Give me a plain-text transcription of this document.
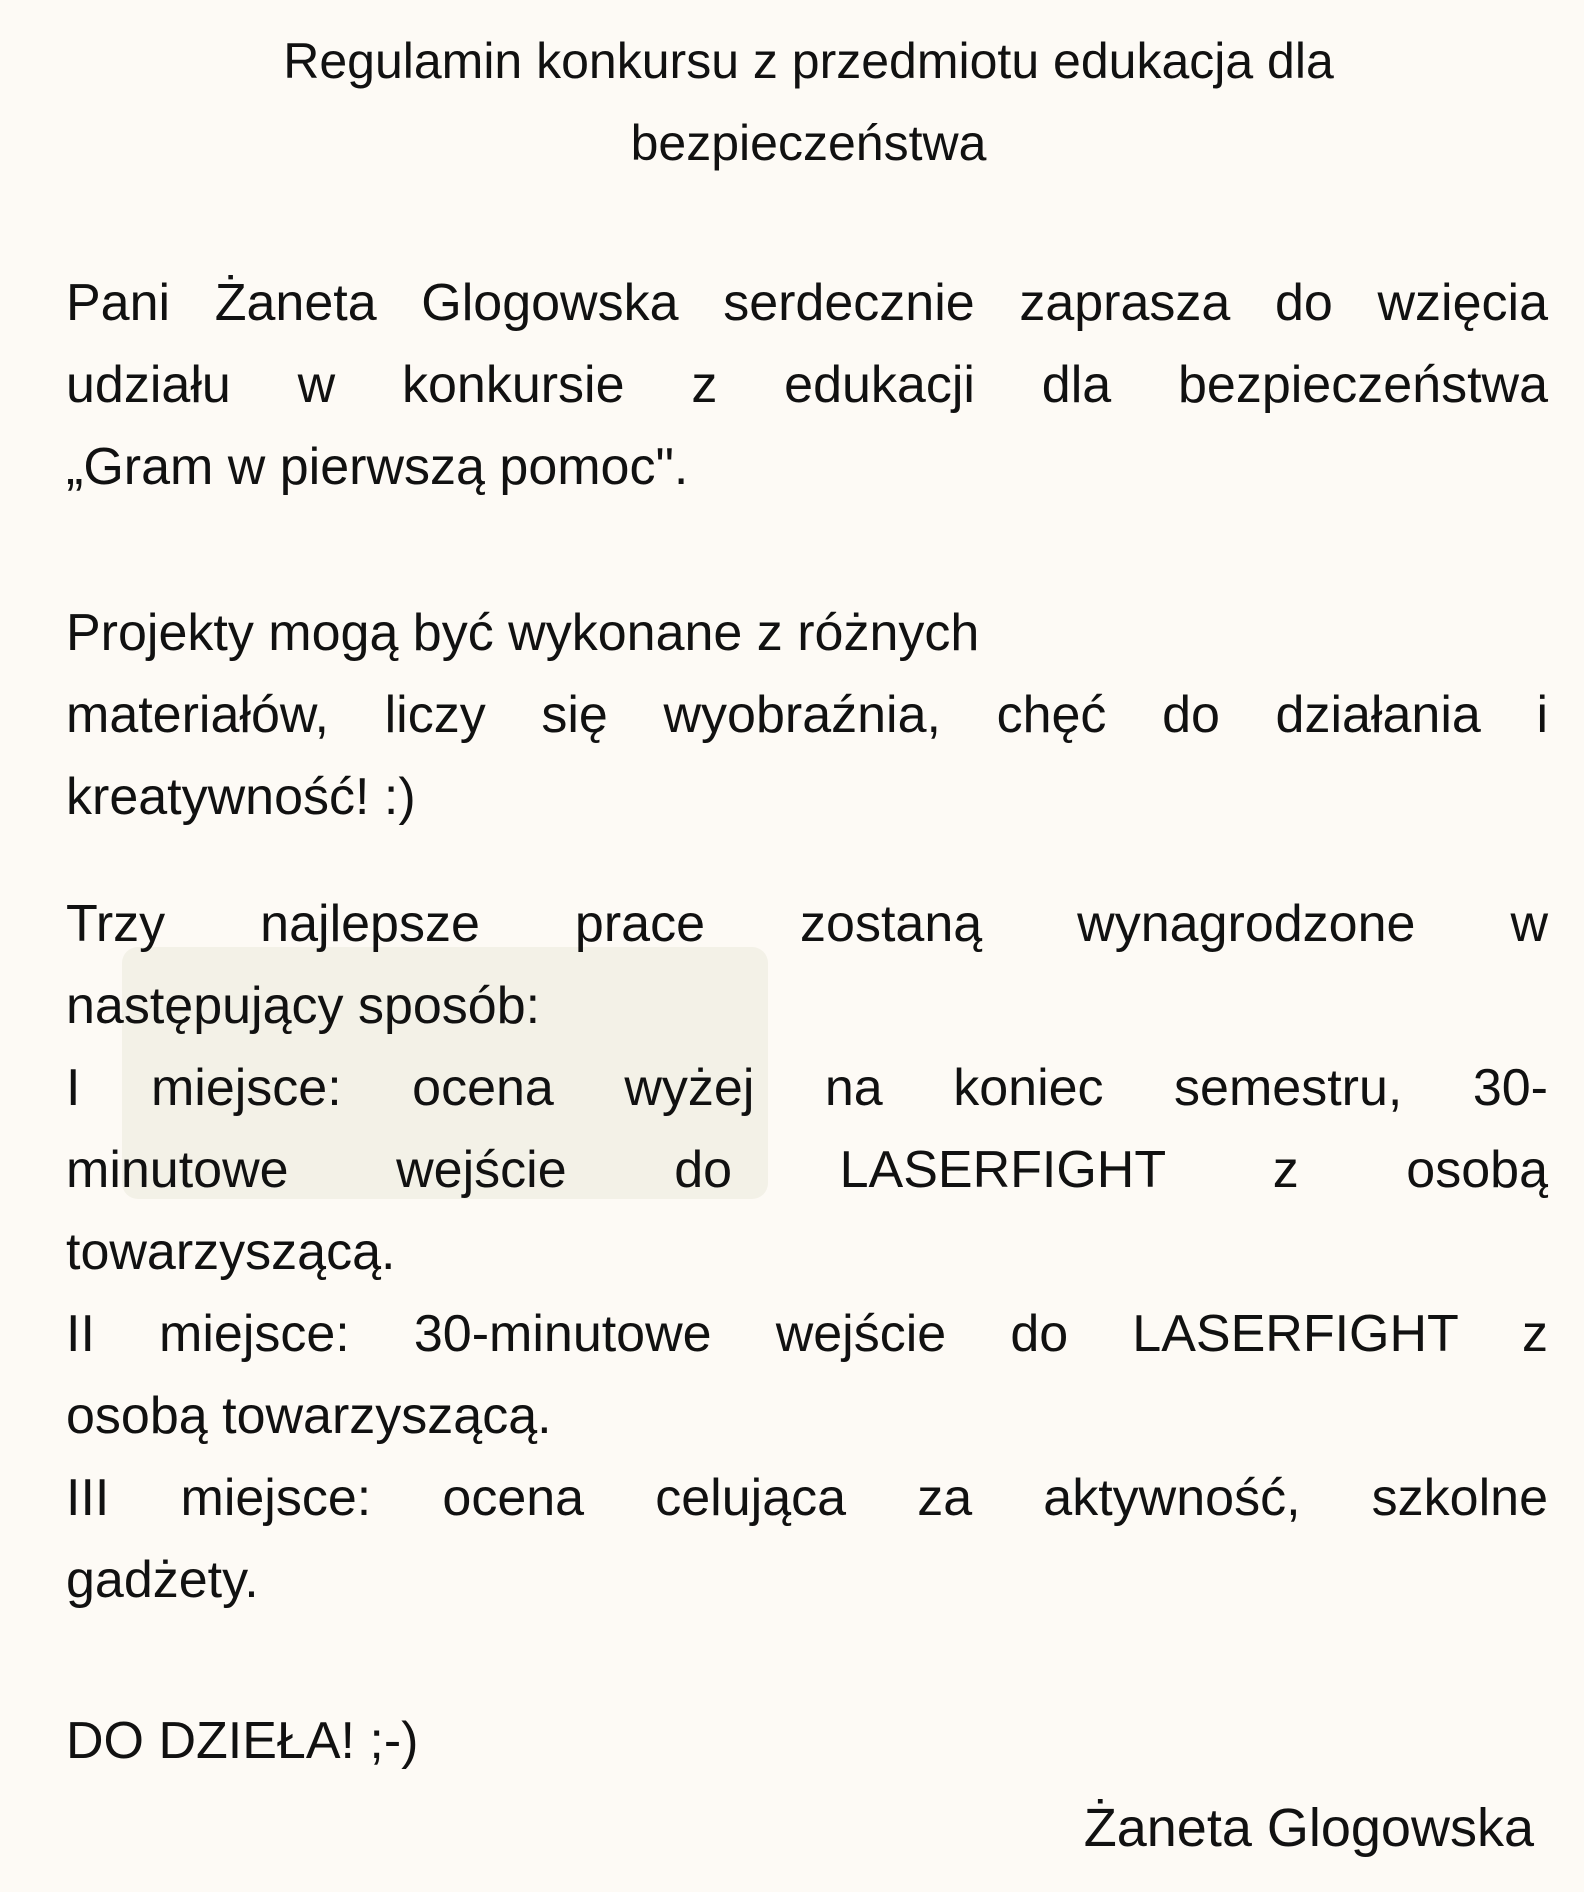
Regulamin konkursu z przedmiotu edukacja dla
bezpieczeństwa
Pani Żaneta Glogowska serdecznie zaprasza do wzięcia
udziału w konkursie z edukacji dla bezpieczeństwa
„Gram w pierwszą pomoc".
Projekty mogą być wykonane z różnych
materiałów, liczy się wyobraźnia, chęć do działania i
kreatywność! :)
Trzy najlepsze prace zostaną wynagrodzone w
następujący sposób:
I miejsce: ocena wyżej na koniec semestru, 30-
minutowe wejście do LASERFIGHT z osobą
towarzyszącą.
II miejsce: 30-minutowe wejście do LASERFIGHT z
osobą towarzyszącą.
III miejsce: ocena celująca za aktywność, szkolne
gadżety.
DO DZIEŁA! ;-)
Żaneta Glogowska
